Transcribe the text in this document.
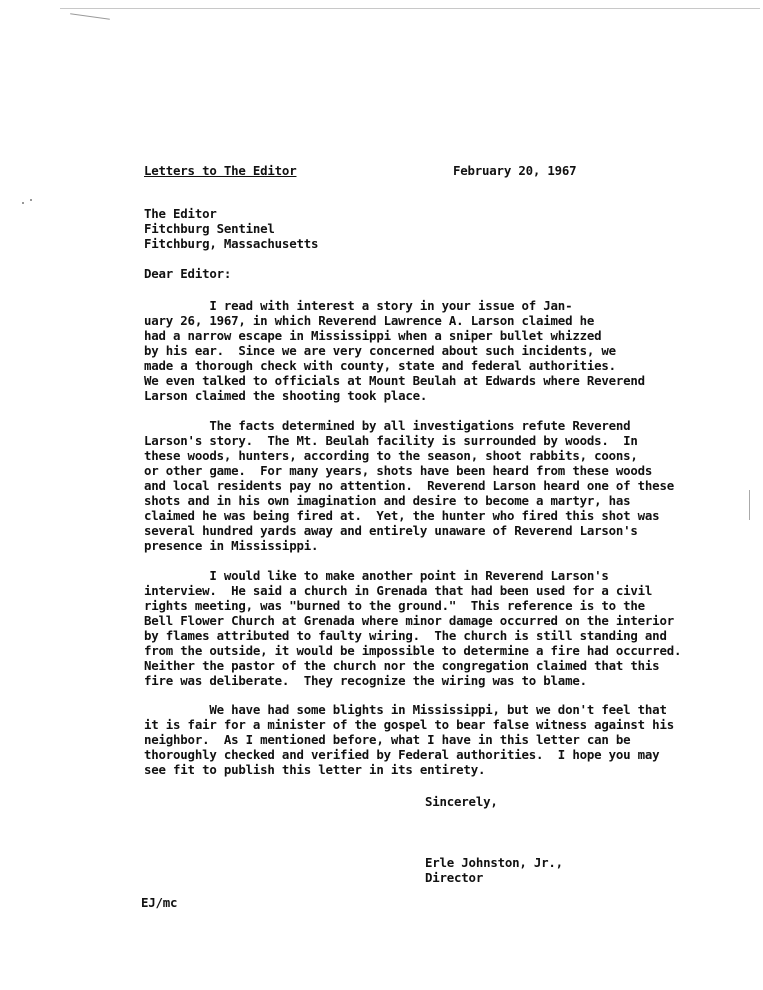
Letters to The Editor	February 20, 1967
The Editor
Fitchburg Sentinel
Fitchburg, Massachusetts
Dear Editor:
I read with interest a story in your issue of Jan-
uary 26, 1967, in which Reverend Lawrence A. Larson claimed he
had a narrow escape in Mississippi when a sniper bullet whizzed
by his ear.  Since we are very concerned about such incidents, we
made a thorough check with county, state and federal authorities.
We even talked to officials at Mount Beulah at Edwards where Reverend
Larson claimed the shooting took place.
The facts determined by all investigations refute Reverend
Larson's story.  The Mt. Beulah facility is surrounded by woods.  In
these woods, hunters, according to the season, shoot rabbits, coons,
or other game.  For many years, shots have been heard from these woods
and local residents pay no attention.  Reverend Larson heard one of these
shots and in his own imagination and desire to become a martyr, has
claimed he was being fired at.  Yet, the hunter who fired this shot was
several hundred yards away and entirely unaware of Reverend Larson's
presence in Mississippi.
I would like to make another point in Reverend Larson's
interview.  He said a church in Grenada that had been used for a civil
rights meeting, was "burned to the ground."  This reference is to the
Bell Flower Church at Grenada where minor damage occurred on the interior
by flames attributed to faulty wiring.  The church is still standing and
from the outside, it would be impossible to determine a fire had occurred.
Neither the pastor of the church nor the congregation claimed that this
fire was deliberate.  They recognize the wiring was to blame.
We have had some blights in Mississippi, but we don't feel that
it is fair for a minister of the gospel to bear false witness against his
neighbor.  As I mentioned before, what I have in this letter can be
thoroughly checked and verified by Federal authorities.  I hope you may
see fit to publish this letter in its entirety.
Sincerely,
Erle Johnston, Jr.,
Director
EJ/mc
